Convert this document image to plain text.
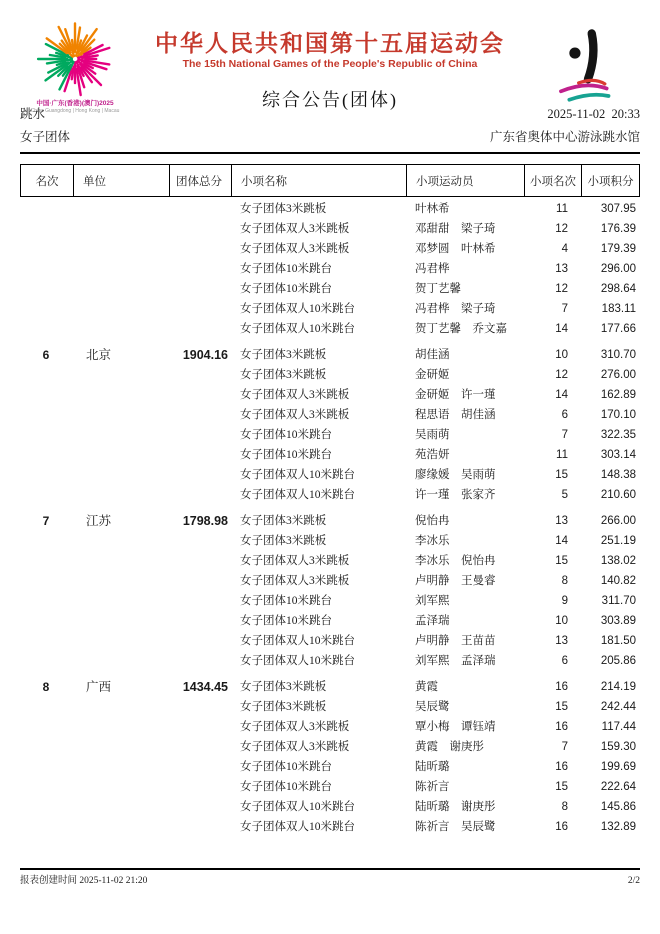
中国·广东(香港)(澳门)2025
China Guangdong | Hong Kong | Macau
中华人民共和国第十五届运动会
The 15th National Games of the People's Republic of China
综合公告(团体)
跳水	2025-11-02  20:33
女子团体	广东省奥体中心游泳跳水馆
名次	单位	团体总分	小项名称	小项运动员	小项名次	小项积分
女子团体3米跳板	叶林希	11	307.95
女子团体双人3米跳板	邓甜甜　梁子琦	12	176.39
女子团体双人3米跳板	邓梦圆　叶林希	4	179.39
女子团体10米跳台	冯君桦	13	296.00
女子团体10米跳台	贺丁艺馨	12	298.64
女子团体双人10米跳台	冯君桦　梁子琦	7	183.11
女子团体双人10米跳台	贺丁艺馨　乔文嘉	14	177.66
6	北京	1904.16	女子团体3米跳板	胡佳涵	10	310.70
女子团体3米跳板	金研姬	12	276.00
女子团体双人3米跳板	金研姬　许一瑾	14	162.89
女子团体双人3米跳板	程思语　胡佳涵	6	170.10
女子团体10米跳台	吴雨萌	7	322.35
女子团体10米跳台	苑浩妍	11	303.14
女子团体双人10米跳台	廖缘媛　吴雨萌	15	148.38
女子团体双人10米跳台	许一瑾　张家齐	5	210.60
7	江苏	1798.98	女子团体3米跳板	倪怡冉	13	266.00
女子团体3米跳板	李冰乐	14	251.19
女子团体双人3米跳板	李冰乐　倪怡冉	15	138.02
女子团体双人3米跳板	卢明静　王曼睿	8	140.82
女子团体10米跳台	刘军熙	9	311.70
女子团体10米跳台	孟泽瑞	10	303.89
女子团体双人10米跳台	卢明静　王苗苗	13	181.50
女子团体双人10米跳台	刘军熙　孟泽瑞	6	205.86
8	广西	1434.45	女子团体3米跳板	黄霞	16	214.19
女子团体3米跳板	吴辰鹭	15	242.44
女子团体双人3米跳板	覃小梅　谭钰靖	16	117.44
女子团体双人3米跳板	黄霞　谢庚彤	7	159.30
女子团体10米跳台	陆昕璐	16	199.69
女子团体10米跳台	陈祈言	15	222.64
女子团体双人10米跳台	陆昕璐　谢庚彤	8	145.86
女子团体双人10米跳台	陈祈言　吴辰鹭	16	132.89
报表创建时间 2025-11-02 21:20	2/2
